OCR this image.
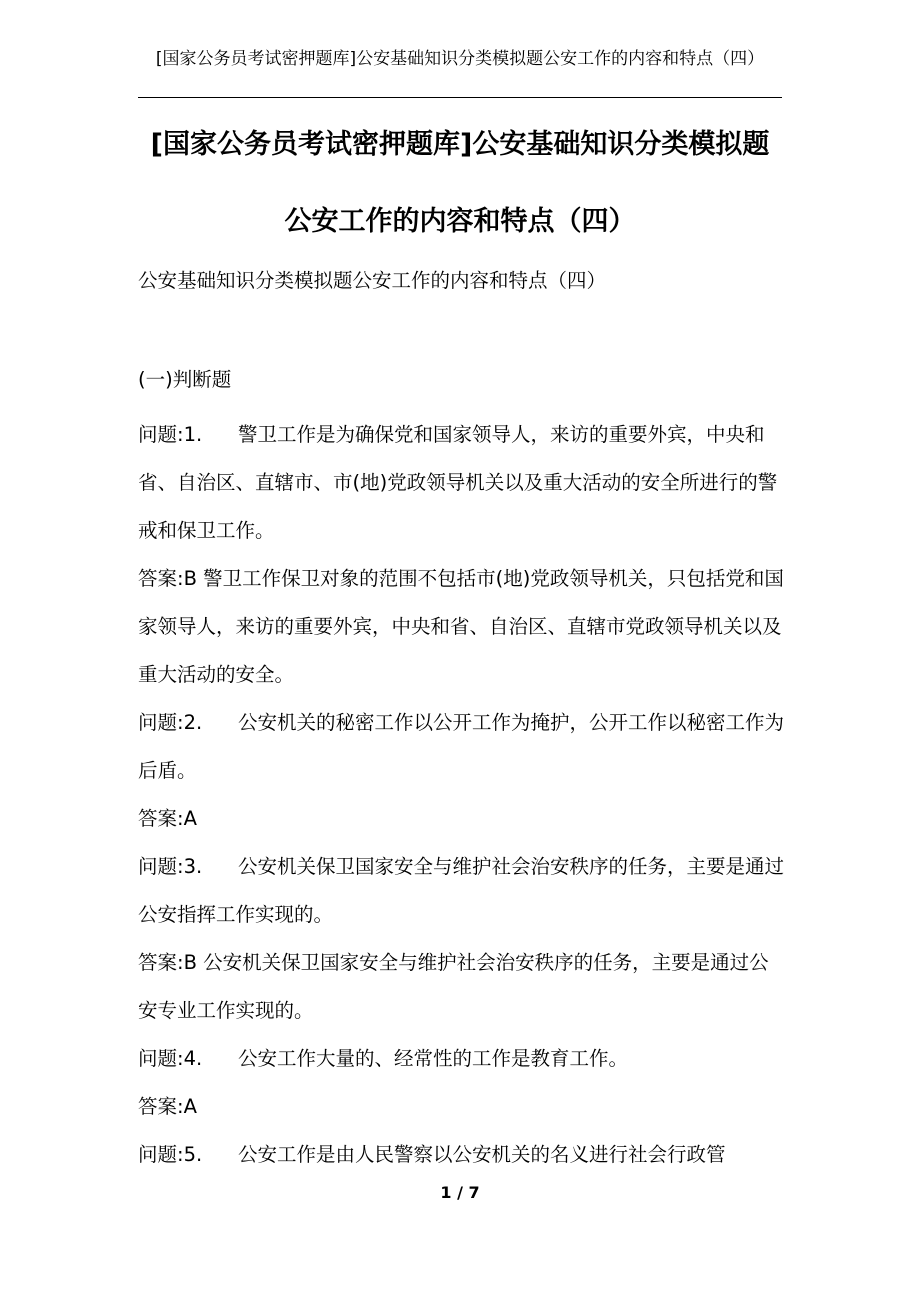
[国家公务员考试密押题库]公安基础知识分类模拟题公安工作的内容和特点（四）
[国家公务员考试密押题库]公安基础知识分类模拟题
公安工作的内容和特点（四）
公安基础知识分类模拟题公安工作的内容和特点（四）
(一)判断题

问题:1. 警卫工作是为确保党和国家领导人，来访的重要外宾，中央和省、自治区、直辖市、市(地)党政领导机关以及重大活动的安全所进行的警戒和保卫工作。

答案:B 警卫工作保卫对象的范围不包括市(地)党政领导机关，只包括党和国家领导人，来访的重要外宾，中央和省、自治区、直辖市党政领导机关以及重大活动的安全。

问题:2. 公安机关的秘密工作以公开工作为掩护，公开工作以秘密工作为后盾。

答案:A

问题:3. 公安机关保卫国家安全与维护社会治安秩序的任务，主要是通过公安指挥工作实现的。

答案:B 公安机关保卫国家安全与维护社会治安秩序的任务，主要是通过公安专业工作实现的。

问题:4. 公安工作大量的、经常性的工作是教育工作。

答案:A

问题:5. 公安工作是由人民警察以公安机关的名义进行社会行政管

1 / 7
